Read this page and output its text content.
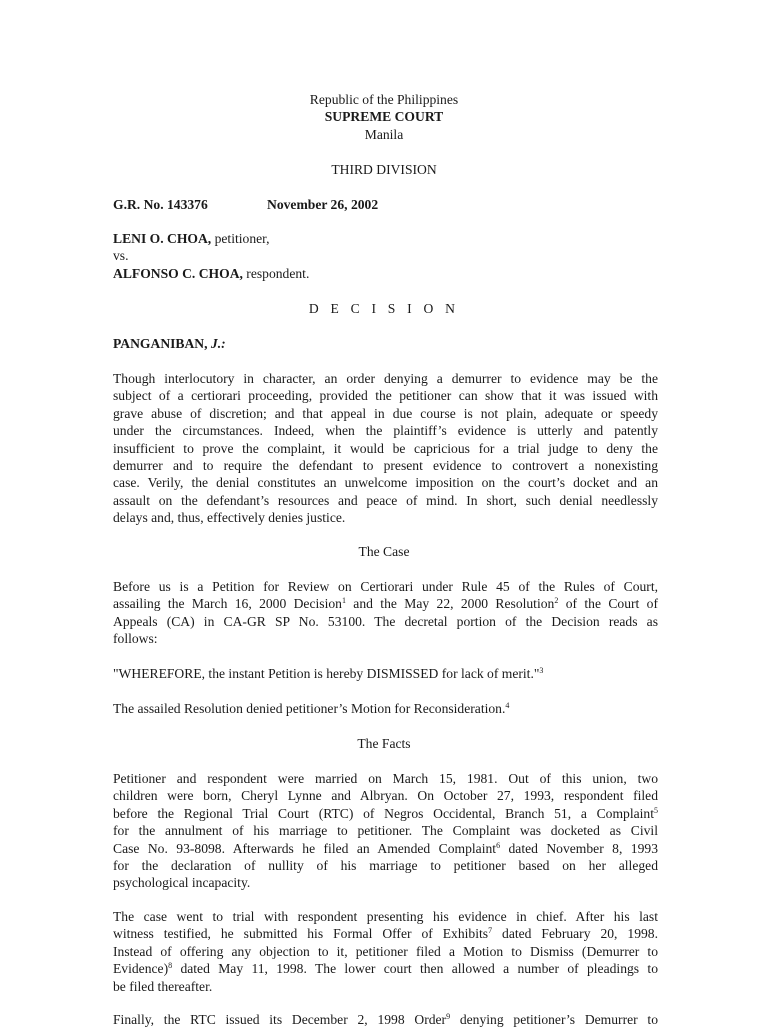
Republic of the Philippines
SUPREME COURT
Manila
THIRD DIVISION
G.R. No. 143376	November 26, 2002
LENI O. CHOA, petitioner,
vs.
ALFONSO C. CHOA, respondent.
D E C I S I O N
PANGANIBAN, J.:
Though interlocutory in character, an order denying a demurrer to evidence may be the
subject of a certiorari proceeding, provided the petitioner can show that it was issued with
grave abuse of discretion; and that appeal in due course is not plain, adequate or speedy
under the circumstances. Indeed, when the plaintiff’s evidence is utterly and patently
insufficient to prove the complaint, it would be capricious for a trial judge to deny the
demurrer and to require the defendant to present evidence to controvert a nonexisting
case. Verily, the denial constitutes an unwelcome imposition on the court’s docket and an
assault on the defendant’s resources and peace of mind. In short, such denial needlessly
delays and, thus, effectively denies justice.
The Case
Before us is a Petition for Review on Certiorari under Rule 45 of the Rules of Court,
assailing the March 16, 2000 Decision$^1$ and the May 22, 2000 Resolution$^2$ of the Court of
Appeals (CA) in CA-GR SP No. 53100. The decretal portion of the Decision reads as
follows:
"WHEREFORE, the instant Petition is hereby DISMISSED for lack of merit."$^3$
The assailed Resolution denied petitioner’s Motion for Reconsideration.$^4$
The Facts
Petitioner and respondent were married on March 15, 1981. Out of this union, two
children were born, Cheryl Lynne and Albryan. On October 27, 1993, respondent filed
before the Regional Trial Court (RTC) of Negros Occidental, Branch 51, a Complaint$^5$
for the annulment of his marriage to petitioner. The Complaint was docketed as Civil
Case No. 93-8098. Afterwards he filed an Amended Complaint$^6$ dated November 8, 1993
for the declaration of nullity of his marriage to petitioner based on her alleged
psychological incapacity.
The case went to trial with respondent presenting his evidence in chief. After his last
witness testified, he submitted his Formal Offer of Exhibits$^7$ dated February 20, 1998.
Instead of offering any objection to it, petitioner filed a Motion to Dismiss (Demurrer to
Evidence)$^8$ dated May 11, 1998. The lower court then allowed a number of pleadings to
be filed thereafter.
Finally, the RTC issued its December 2, 1998 Order$^9$ denying petitioner’s Demurrer to
